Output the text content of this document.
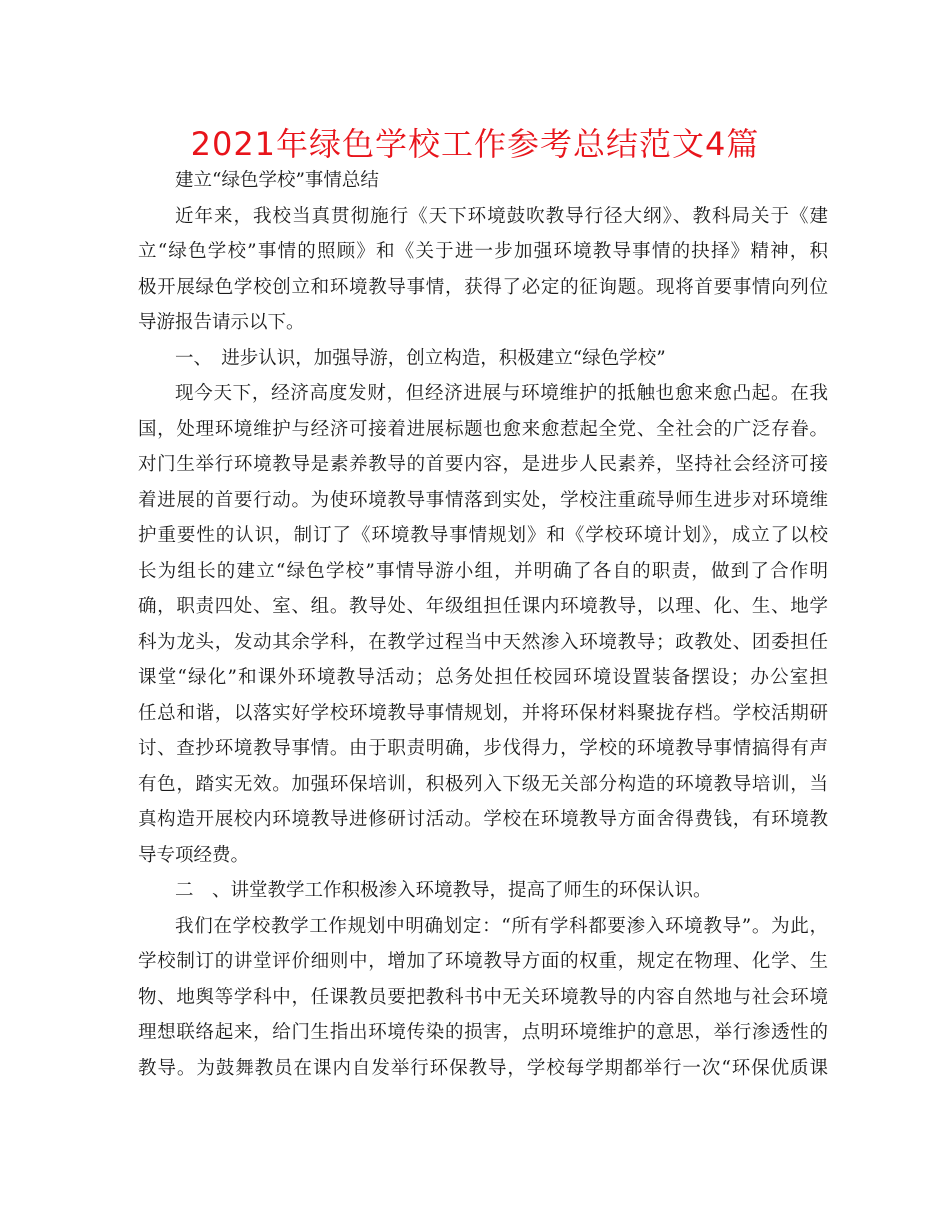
2021年绿色学校工作参考总结范文4篇
建立“绿色学校”事情总结
近年来，我校当真贯彻施行《天下环境鼓吹教导行径大纲》、教科局关于《建
立“绿色学校”事情的照顾》和《关于进一步加强环境教导事情的抉择》精神，积
极开展绿色学校创立和环境教导事情，获得了必定的征询题。现将首要事情向列位
导游报告请示以下。
一、　进步认识，加强导游，创立构造，积极建立“绿色学校”
现今天下，经济高度发财，但经济进展与环境维护的抵触也愈来愈凸起。在我
国，处理环境维护与经济可接着进展标题也愈来愈惹起全党、全社会的广泛存眷。
对门生举行环境教导是素养教导的首要内容，是进步人民素养，坚持社会经济可接
着进展的首要行动。为使环境教导事情落到实处，学校注重疏导师生进步对环境维
护重要性的认识，制订了《环境教导事情规划》和《学校环境计划》，成立了以校
长为组长的建立“绿色学校”事情导游小组，并明确了各自的职责，做到了合作明
确，职责四处、室、组。教导处、年级组担任课内环境教导，以理、化、生、地学
科为龙头，发动其余学科，在教学过程当中天然渗入环境教导；政教处、团委担任
课堂“绿化”和课外环境教导活动；总务处担任校园环境设置装备摆设；办公室担
任总和谐，以落实好学校环境教导事情规划，并将环保材料聚拢存档。学校活期研
讨、查抄环境教导事情。由于职责明确，步伐得力，学校的环境教导事情搞得有声
有色，踏实无效。加强环保培训，积极列入下级无关部分构造的环境教导培训，当
真构造开展校内环境教导进修研讨活动。学校在环境教导方面舍得费钱，有环境教
导专项经费。
二　、讲堂教学工作积极渗入环境教导，提高了师生的环保认识。
我们在学校教学工作规划中明确划定：“所有学科都要渗入环境教导”。为此，
学校制订的讲堂评价细则中，增加了环境教导方面的权重，规定在物理、化学、生
物、地舆等学科中，任课教员要把教科书中无关环境教导的内容自然地与社会环境
理想联络起来，给门生指出环境传染的损害，点明环境维护的意思，举行渗透性的
教导。为鼓舞教员在课内自发举行环保教导，学校每学期都举行一次“环保优质课
